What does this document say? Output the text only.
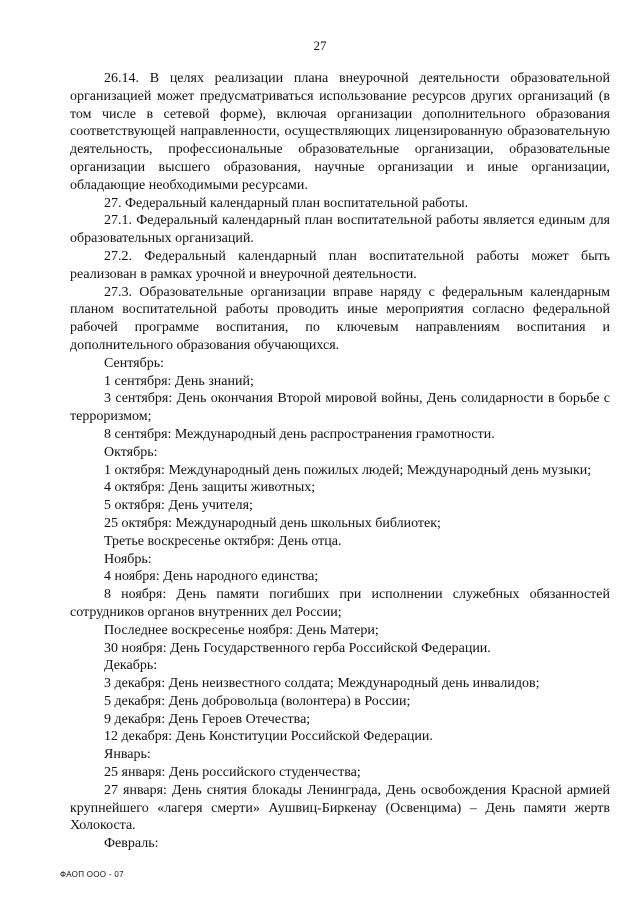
27

26.14. В целях реализации плана внеурочной деятельности образовательной организацией может предусматриваться использование ресурсов других организаций (в том числе в сетевой форме), включая организации дополнительного образования соответствующей направленности, осуществляющих лицензированную образовательную деятельность, профессиональные образовательные организации, образовательные организации высшего образования, научные организации и иные организации, обладающие необходимыми ресурсами.

27. Федеральный календарный план воспитательной работы.

27.1. Федеральный календарный план воспитательной работы является единым для образовательных организаций.

27.2. Федеральный календарный план воспитательной работы может быть реализован в рамках урочной и внеурочной деятельности.

27.3. Образовательные организации вправе наряду с федеральным календарным планом воспитательной работы проводить иные мероприятия согласно федеральной рабочей программе воспитания, по ключевым направлениям воспитания и дополнительного образования обучающихся.

Сентябрь:

1 сентября: День знаний;

3 сентября: День окончания Второй мировой войны, День солидарности в борьбе с терроризмом;

8 сентября: Международный день распространения грамотности.

Октябрь:

1 октября: Международный день пожилых людей; Международный день музыки;

4 октября: День защиты животных;

5 октября: День учителя;

25 октября: Международный день школьных библиотек;

Третье воскресенье октября: День отца.

Ноябрь:

4 ноября: День народного единства;

8 ноября: День памяти погибших при исполнении служебных обязанностей сотрудников органов внутренних дел России;

Последнее воскресенье ноября: День Матери;

30 ноября: День Государственного герба Российской Федерации.

Декабрь:

3 декабря: День неизвестного солдата; Международный день инвалидов;

5 декабря: День добровольца (волонтера) в России;

9 декабря: День Героев Отечества;

12 декабря: День Конституции Российской Федерации.

Январь:

25 января: День российского студенчества;

27 января: День снятия блокады Ленинграда, День освобождения Красной армией крупнейшего «лагеря смерти» Аушвиц-Биркенау (Освенцима) – День памяти жертв Холокоста.

Февраль:

ФАОП ООО - 07
